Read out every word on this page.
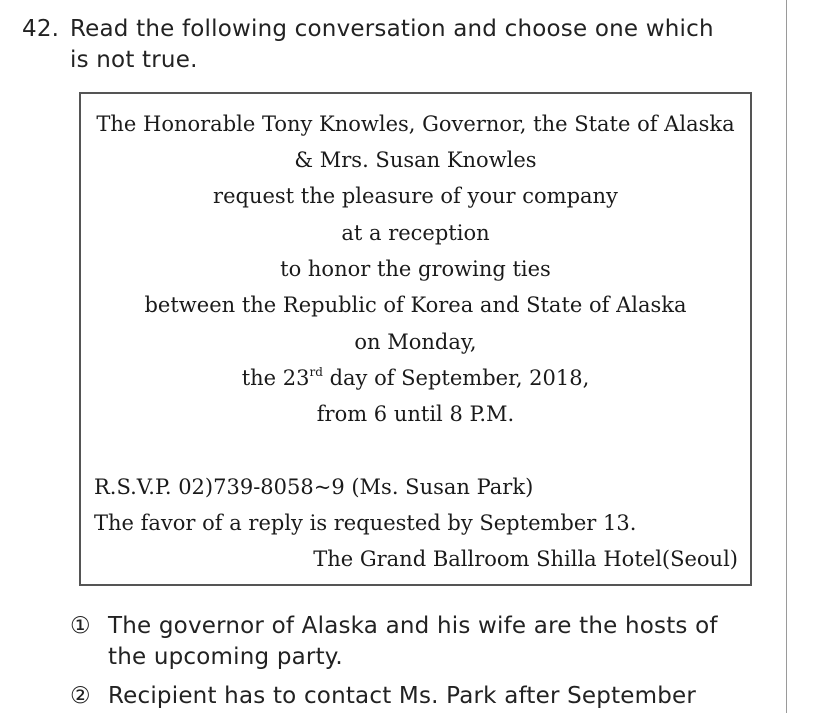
42. Read the following conversation and choose one which
is not true.
The Honorable Tony Knowles, Governor, the State of Alaska
& Mrs. Susan Knowles
request the pleasure of your company
at a reception
to honor the growing ties
between the Republic of Korea and State of Alaska
on Monday,
the 23rd day of September, 2018,
from 6 until 8 P.M.
R.S.V.P. 02)739-8058~9 (Ms. Susan Park)
The favor of a reply is requested by September 13.
The Grand Ballroom Shilla Hotel(Seoul)
① The governor of Alaska and his wife are the hosts of
the upcoming party.
② Recipient has to contact Ms. Park after September
